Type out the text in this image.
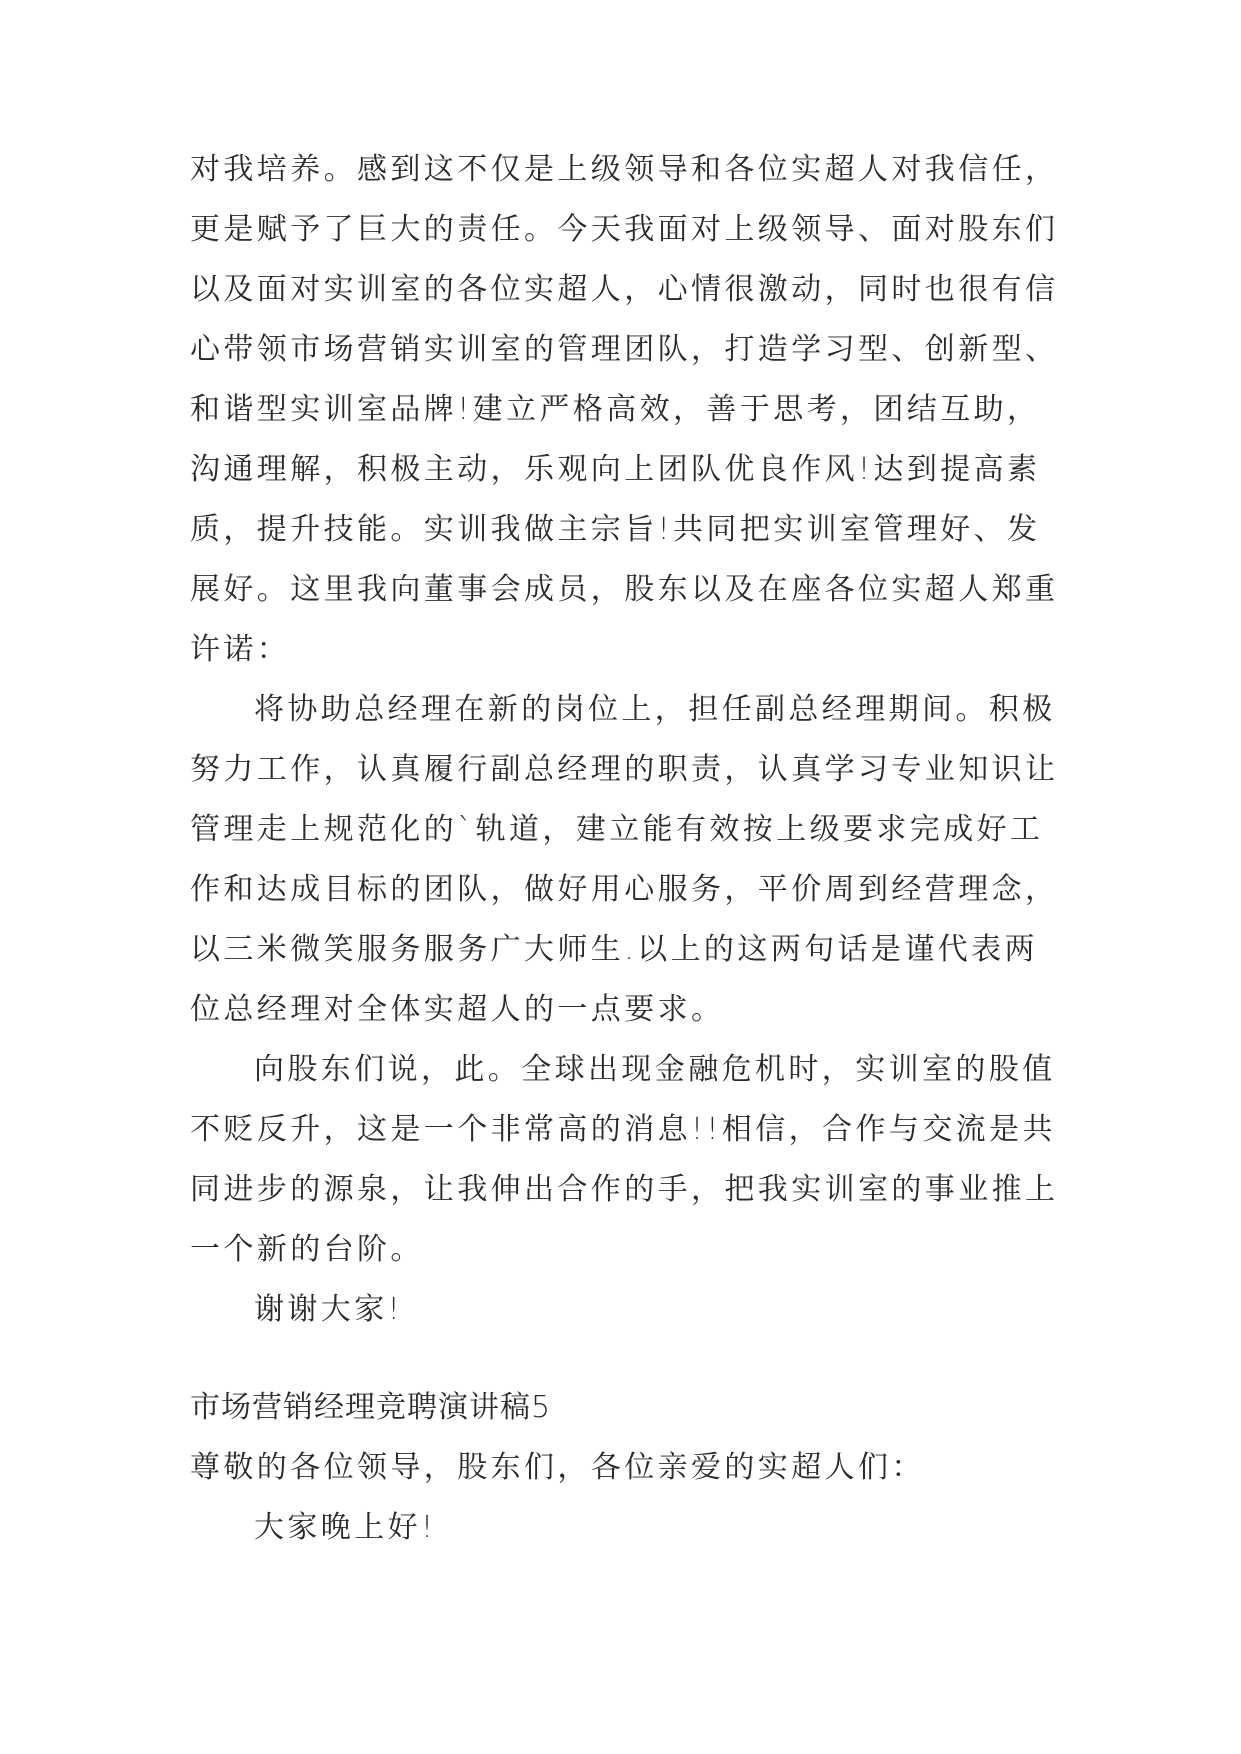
对我培养。感到这不仅是上级领导和各位实超人对我信任，
更是赋予了巨大的责任。今天我面对上级领导、面对股东们
以及面对实训室的各位实超人，心情很激动，同时也很有信
心带领市场营销实训室的管理团队，打造学习型、创新型、
和谐型实训室品牌!建立严格高效，善于思考，团结互助，
沟通理解，积极主动，乐观向上团队优良作风!达到提高素
质，提升技能。实训我做主宗旨!共同把实训室管理好、发
展好。这里我向董事会成员，股东以及在座各位实超人郑重
许诺：
将协助总经理在新的岗位上，担任副总经理期间。积极
努力工作，认真履行副总经理的职责，认真学习专业知识让
管理走上规范化的`轨道，建立能有效按上级要求完成好工
作和达成目标的团队，做好用心服务，平价周到经营理念，
以三米微笑服务服务广大师生.以上的这两句话是谨代表两
位总经理对全体实超人的一点要求。
向股东们说，此。全球出现金融危机时，实训室的股值
不贬反升，这是一个非常高的消息!!相信，合作与交流是共
同进步的源泉，让我伸出合作的手，把我实训室的事业推上
一个新的台阶。
谢谢大家!
市场营销经理竞聘演讲稿5
尊敬的各位领导，股东们，各位亲爱的实超人们：
大家晚上好!
